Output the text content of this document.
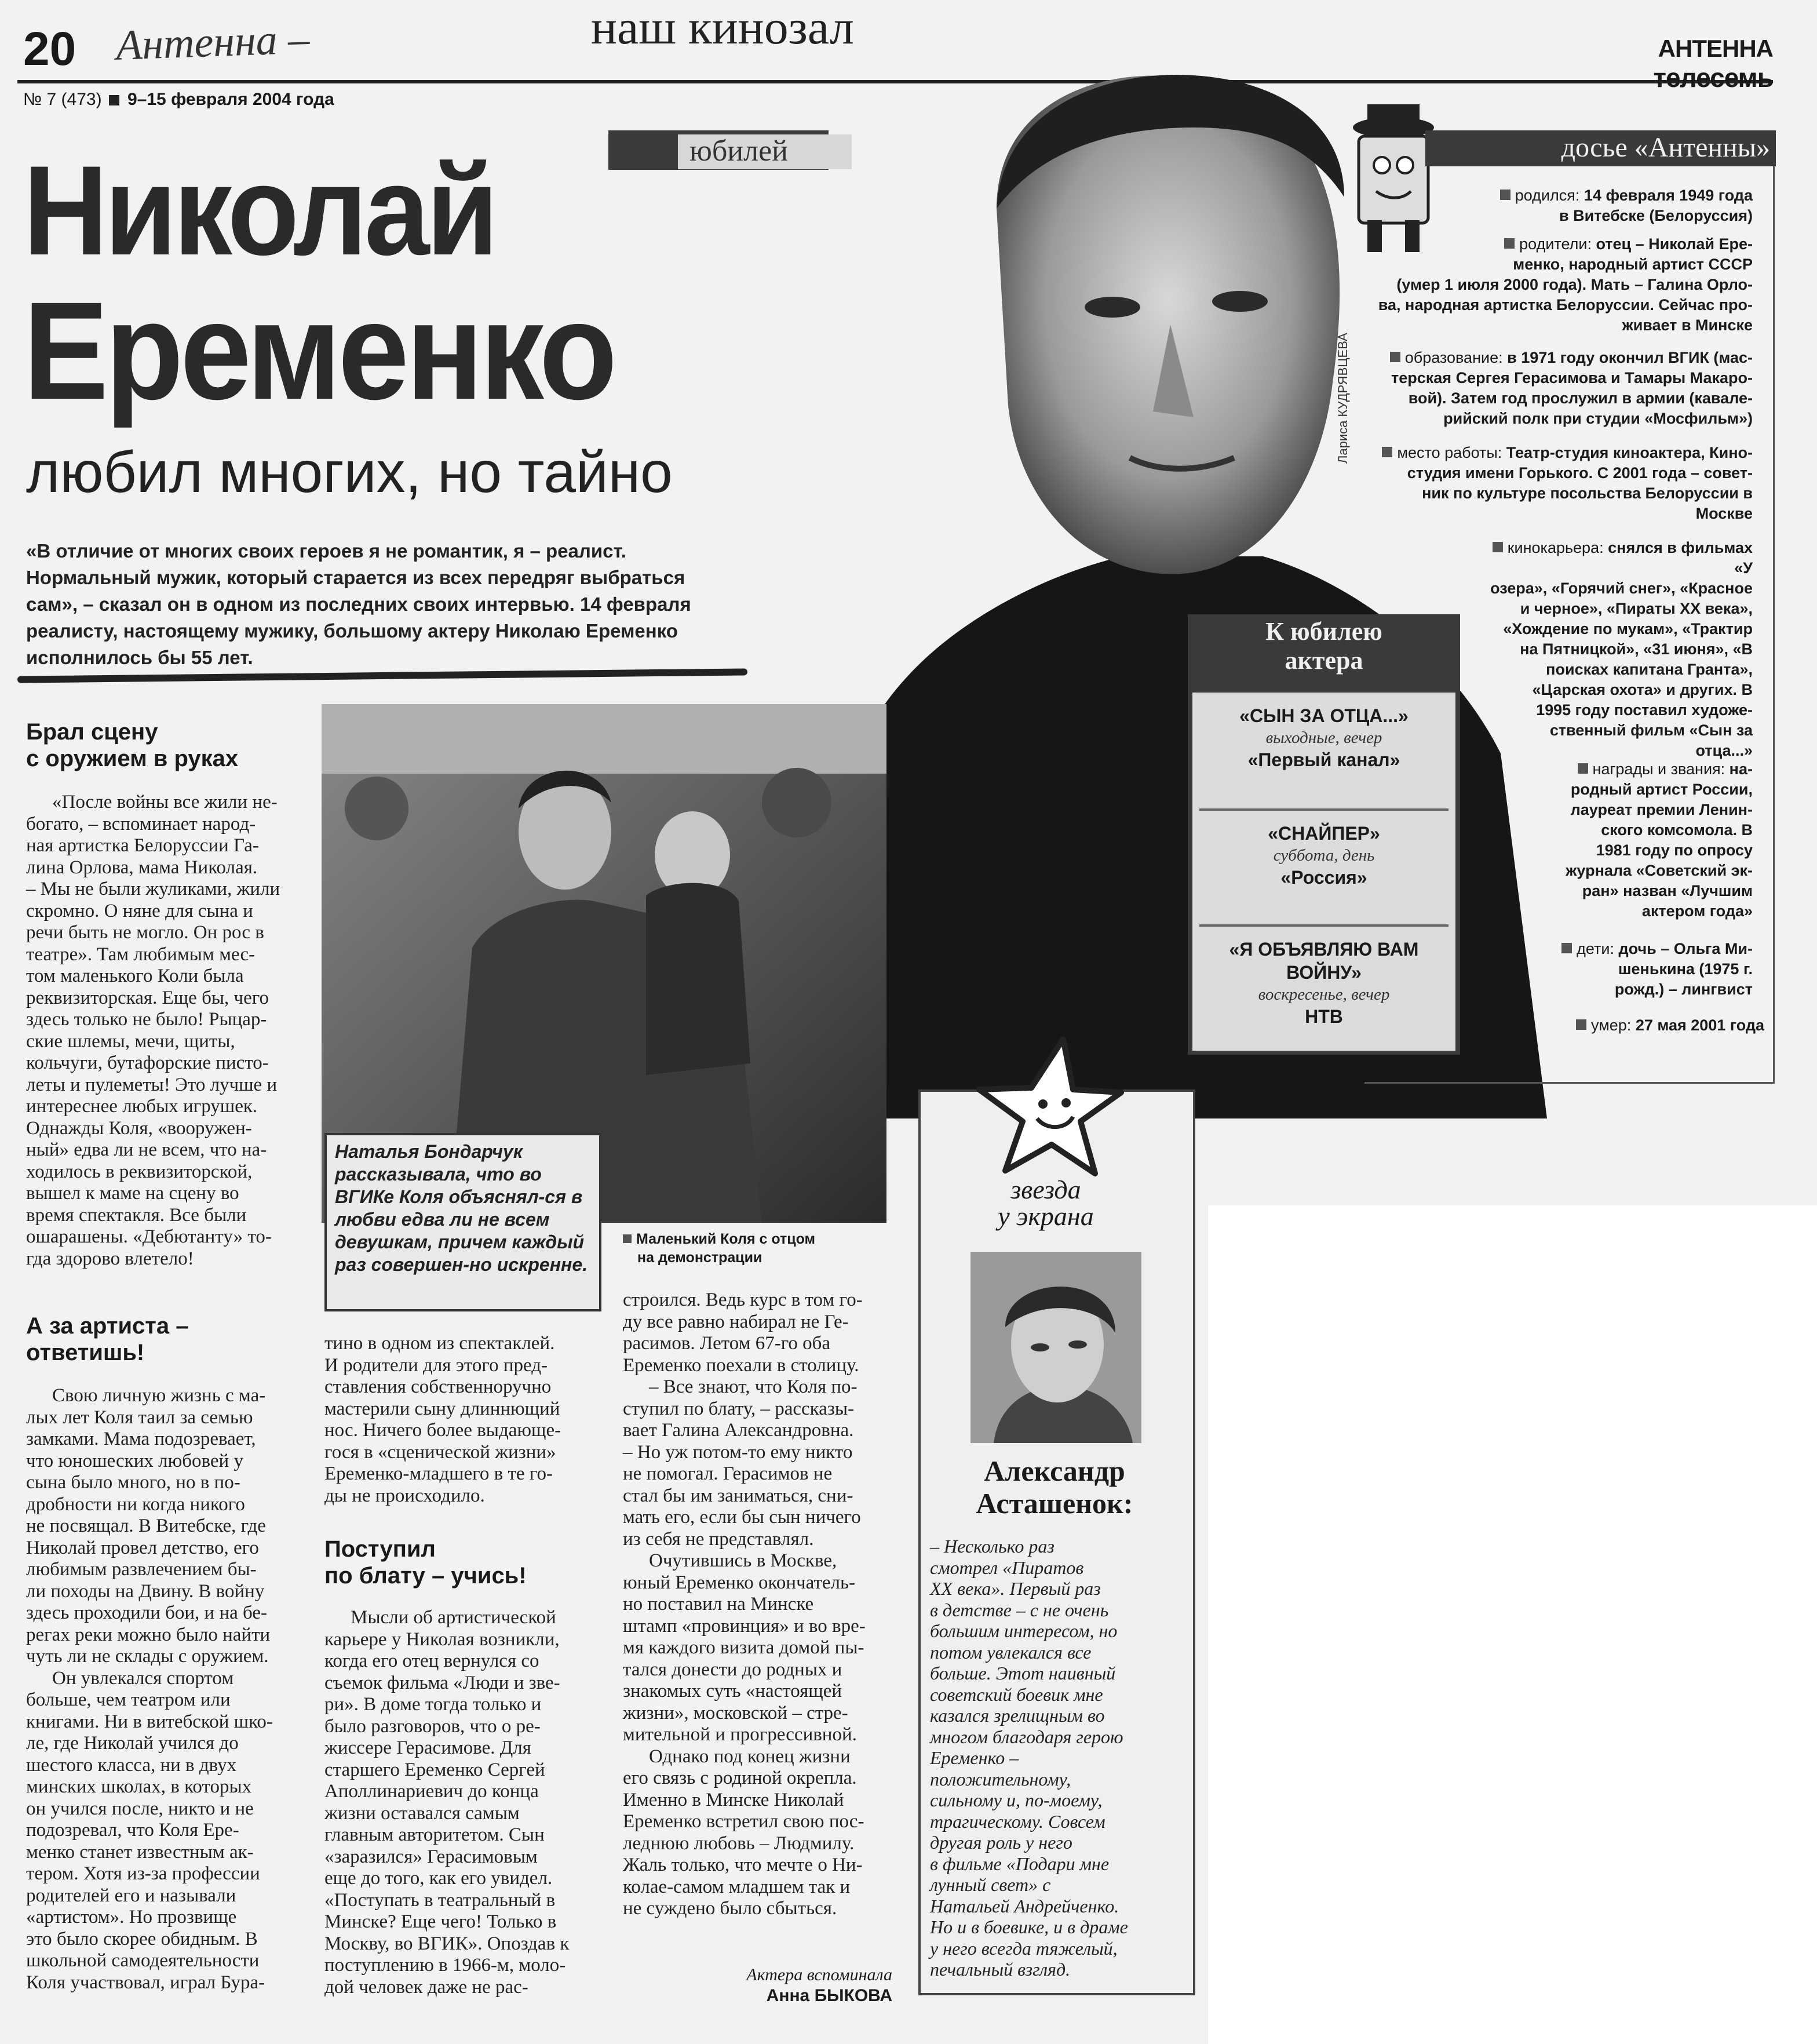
20 Антенна –	наш кинозал
№ 7 (473) 9–15 февраля 2004 года
АНТЕННА
телесемь
юбилей
Николай
Еременко
любил многих, но тайно
«В отличие от многих своих героев я не романтик, я – реалист. Нормальный мужик, который старается из всех передряг выбраться сам», – сказал он в одном из последних своих интервью. 14 февраля реалисту, настоящему мужику, большому актеру Николаю Еременко исполнилось бы 55 лет.
Лариса КУДРЯВЦЕВА
досье «Антенны»
родился: 14 февраля 1949 года
в Витебске (Белоруссия)
родители: отец – Николай Ере-
менко, народный артист СССР
(умер 1 июля 2000 года). Мать – Галина Орло-
ва, народная артистка Белоруссии. Сейчас про-
живает в Минске
образование: в 1971 году окончил ВГИК (мас-
терская Сергея Герасимова и Тамары Макаро-
вой). Затем год прослужил в армии (кавале-
рийский полк при студии «Мосфильм»)
место работы: Театр-студия киноактера, Кино-
студия имени Горького. С 2001 года – совет-
ник по культуре посольства Белоруссии в
Москве
кинокарьера: снялся в фильмах «У
озера», «Горячий снег», «Красное
и черное», «Пираты XX века»,
«Хождение по мукам», «Трактир
на Пятницкой», «31 июня», «В
поисках капитана Гранта»,
«Царская охота» и других. В
1995 году поставил художе-
ственный фильм «Сын за
отца...»
награды и звания: на-
родный артист России,
лауреат премии Ленин-
ского комсомола. В
1981 году по опросу
журнала «Советский эк-
ран» назван «Лучшим
актером года»
дети: дочь – Ольга Ми-
шенькина (1975 г.
рожд.) – лингвист
умер: 27 мая 2001 года
К юбилею
актера
«СЫН ЗА ОТЦА...»
выходные, вечер
«Первый канал»
«СНАЙПЕР»
суббота, день
«Россия»
«Я ОБЪЯВЛЯЮ ВАМ ВОЙНУ»
воскресенье, вечер
НТВ
Брал сцену
с оружием в руках
«После войны все жили не-
богато, – вспоминает народ-
ная артистка Белоруссии Га-
лина Орлова, мама Николая.
– Мы не были жуликами, жили
скромно. О няне для сына и
речи быть не могло. Он рос в
театре». Там любимым мес-
том маленького Коли была
реквизиторская. Еще бы, чего
здесь только не было! Рыцар-
ские шлемы, мечи, щиты,
кольчуги, бутафорские писто-
леты и пулеметы! Это лучше и
интереснее любых игрушек.
Однажды Коля, «вооружен-
ный» едва ли не всем, что на-
ходилось в реквизиторской,
вышел к маме на сцену во
время спектакля. Все были
ошарашены. «Дебютанту» то-
гда здорово влетело!
А за артиста –
ответишь!
Свою личную жизнь с ма-
лых лет Коля таил за семью
замками. Мама подозревает,
что юношеских любовей у
сына было много, но в по-
дробности ни когда никого
не посвящал. В Витебске, где
Николай провел детство, его
любимым развлечением бы-
ли походы на Двину. В войну
здесь проходили бои, и на бе-
регах реки можно было найти
чуть ли не склады с оружием.
Он увлекался спортом
больше, чем театром или
книгами. Ни в витебской шко-
ле, где Николай учился до
шестого класса, ни в двух
минских школах, в которых
он учился после, никто и не
подозревал, что Коля Ере-
менко станет известным ак-
тером. Хотя из-за профессии
родителей его и называли
«артистом». Но прозвище
это было скорее обидным. В
школьной самодеятельности
Коля участвовал, играл Бура-
Наталья Бондарчук рассказывала, что во ВГИКе Коля объяснял-ся в любви едва ли не всем девушкам, причем каждый раз совершен-но искренне.
Маленький Коля с отцом
на демонстрации
тино в одном из спектаклей.
И родители для этого пред-
ставления собственноручно
мастерили сыну длиннющий
нос. Ничего более выдающе-
гося в «сценической жизни»
Еременко-младшего в те го-
ды не происходило.
Поступил
по блату – учись!
Мысли об артистической
карьере у Николая возникли,
когда его отец вернулся со
съемок фильма «Люди и зве-
ри». В доме тогда только и
было разговоров, что о ре-
жиссере Герасимове. Для
старшего Еременко Сергей
Аполлинариевич до конца
жизни оставался самым
главным авторитетом. Сын
«заразился» Герасимовым
еще до того, как его увидел.
«Поступать в театральный в
Минске? Еще чего! Только в
Москву, во ВГИК». Опоздав к
поступлению в 1966-м, моло-
дой человек даже не рас-
строился. Ведь курс в том го-
ду все равно набирал не Ге-
расимов. Летом 67-го оба
Еременко поехали в столицу.
– Все знают, что Коля по-
ступил по блату, – рассказы-
вает Галина Александровна.
– Но уж потом-то ему никто
не помогал. Герасимов не
стал бы им заниматься, сни-
мать его, если бы сын ничего
из себя не представлял.
Очутившись в Москве,
юный Еременко окончатель-
но поставил на Минске
штамп «провинция» и во вре-
мя каждого визита домой пы-
тался донести до родных и
знакомых суть «настоящей
жизни», московской – стре-
мительной и прогрессивной.
Однако под конец жизни
его связь с родиной окрепла.
Именно в Минске Николай
Еременко встретил свою пос-
леднюю любовь – Людмилу.
Жаль только, что мечте о Ни-
колае-самом младшем так и
не суждено было сбыться.
Актера вспоминала
Анна БЫКОВА
звезда
у экрана
Александр
Асташенок:
– Несколько раз
смотрел «Пиратов
XX века». Первый раз
в детстве – с не очень
большим интересом, но
потом увлекался все
больше. Этот наивный
советский боевик мне
казался зрелищным во
многом благодаря герою
Еременко –
положительному,
сильному и, по-моему,
трагическому. Совсем
другая роль у него
в фильме «Подари мне
лунный свет» с
Натальей Андрейченко.
Но и в боевике, и в драме
у него всегда тяжелый,
печальный взгляд.
